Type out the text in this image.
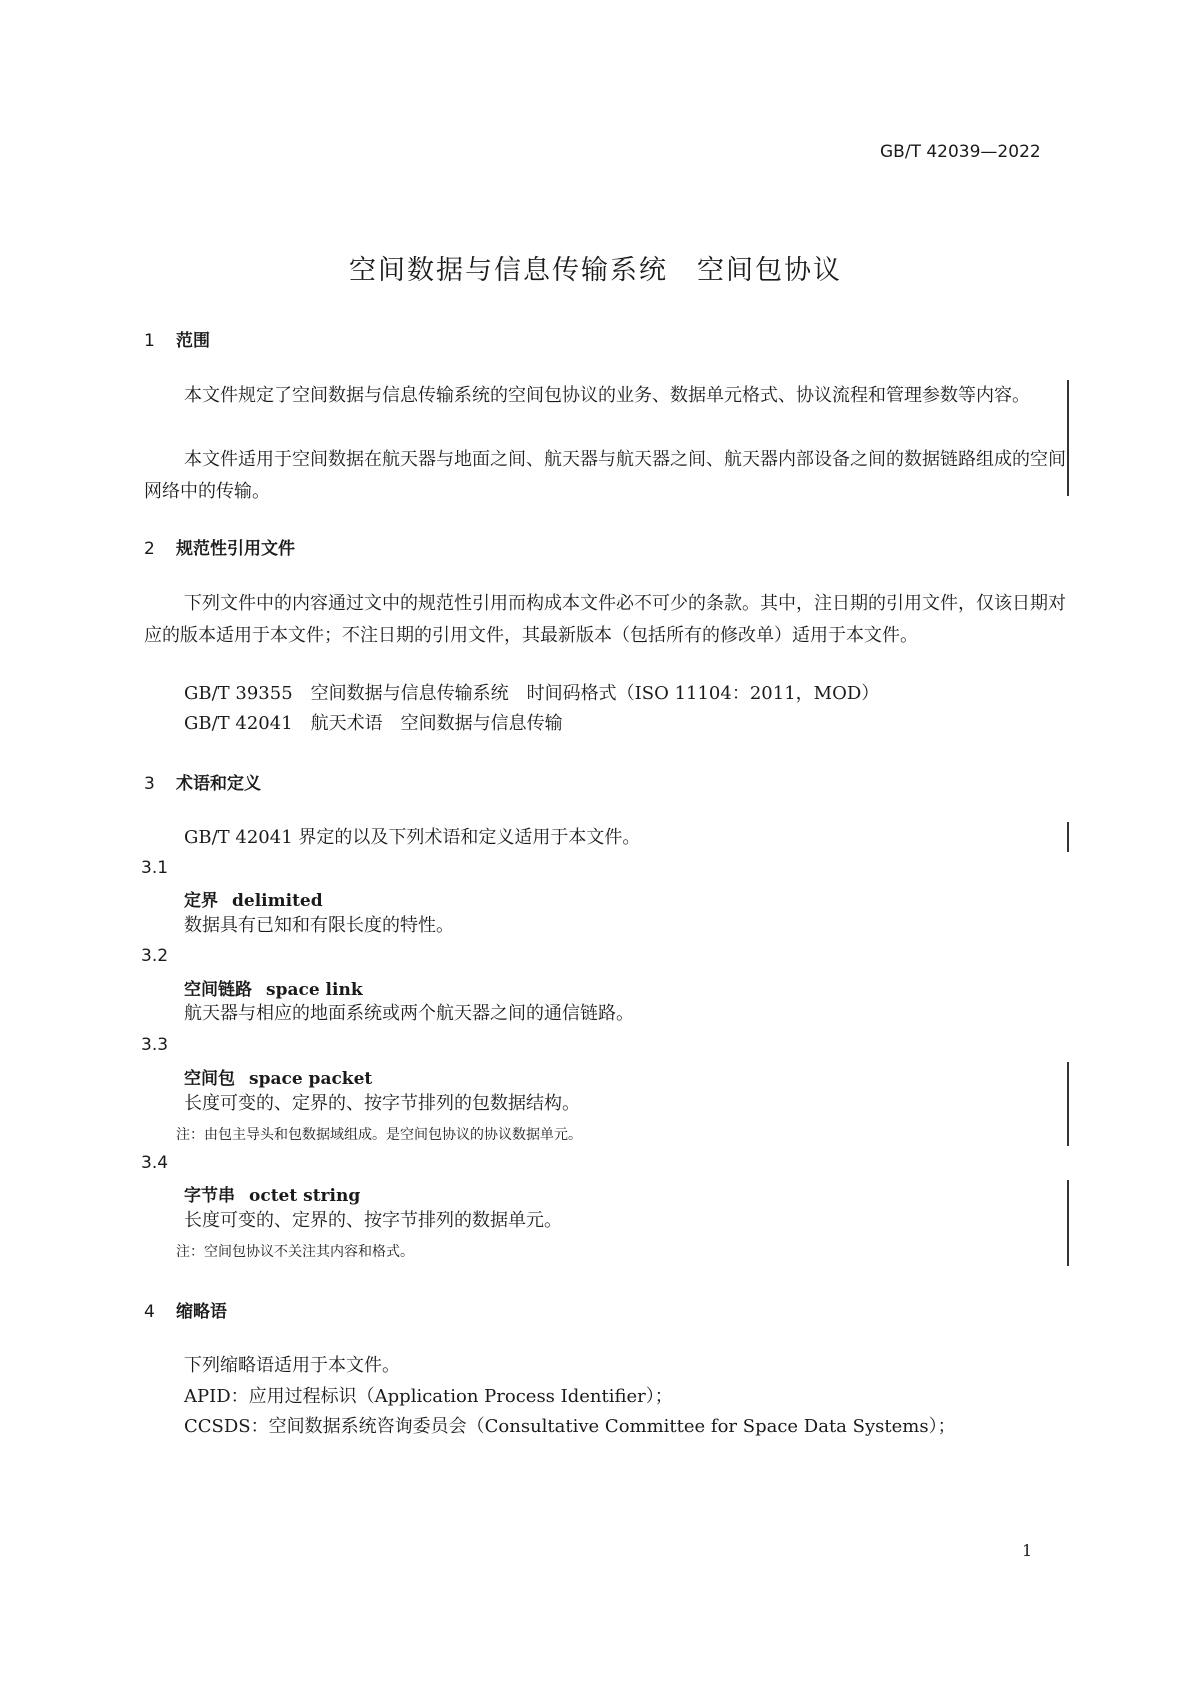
GB/T 42039—2022
空间数据与信息传输系统　空间包协议
1 范围
本文件规定了空间数据与信息传输系统的空间包协议的业务、数据单元格式、协议流程和管理参数等内容。
本文件适用于空间数据在航天器与地面之间、航天器与航天器之间、航天器内部设备之间的数据链路组成的空间网络中的传输。
2 规范性引用文件
下列文件中的内容通过文中的规范性引用而构成本文件必不可少的条款。其中，注日期的引用文件，仅该日期对应的版本适用于本文件；不注日期的引用文件，其最新版本（包括所有的修改单）适用于本文件。
GB/T 39355　空间数据与信息传输系统　时间码格式（ISO 11104：2011，MOD）
GB/T 42041　航天术语　空间数据与信息传输
3 术语和定义
GB/T 42041 界定的以及下列术语和定义适用于本文件。
3.1
定界 delimited
数据具有已知和有限长度的特性。
3.2
空间链路 space link
航天器与相应的地面系统或两个航天器之间的通信链路。
3.3
空间包 space packet
长度可变的、定界的、按字节排列的包数据结构。
注：由包主导头和包数据域组成。是空间包协议的协议数据单元。
3.4
字节串 octet string
长度可变的、定界的、按字节排列的数据单元。
注：空间包协议不关注其内容和格式。
4 缩略语
下列缩略语适用于本文件。
APID：应用过程标识（Application Process Identifier）；
CCSDS：空间数据系统咨询委员会（Consultative Committee for Space Data Systems）；
1
